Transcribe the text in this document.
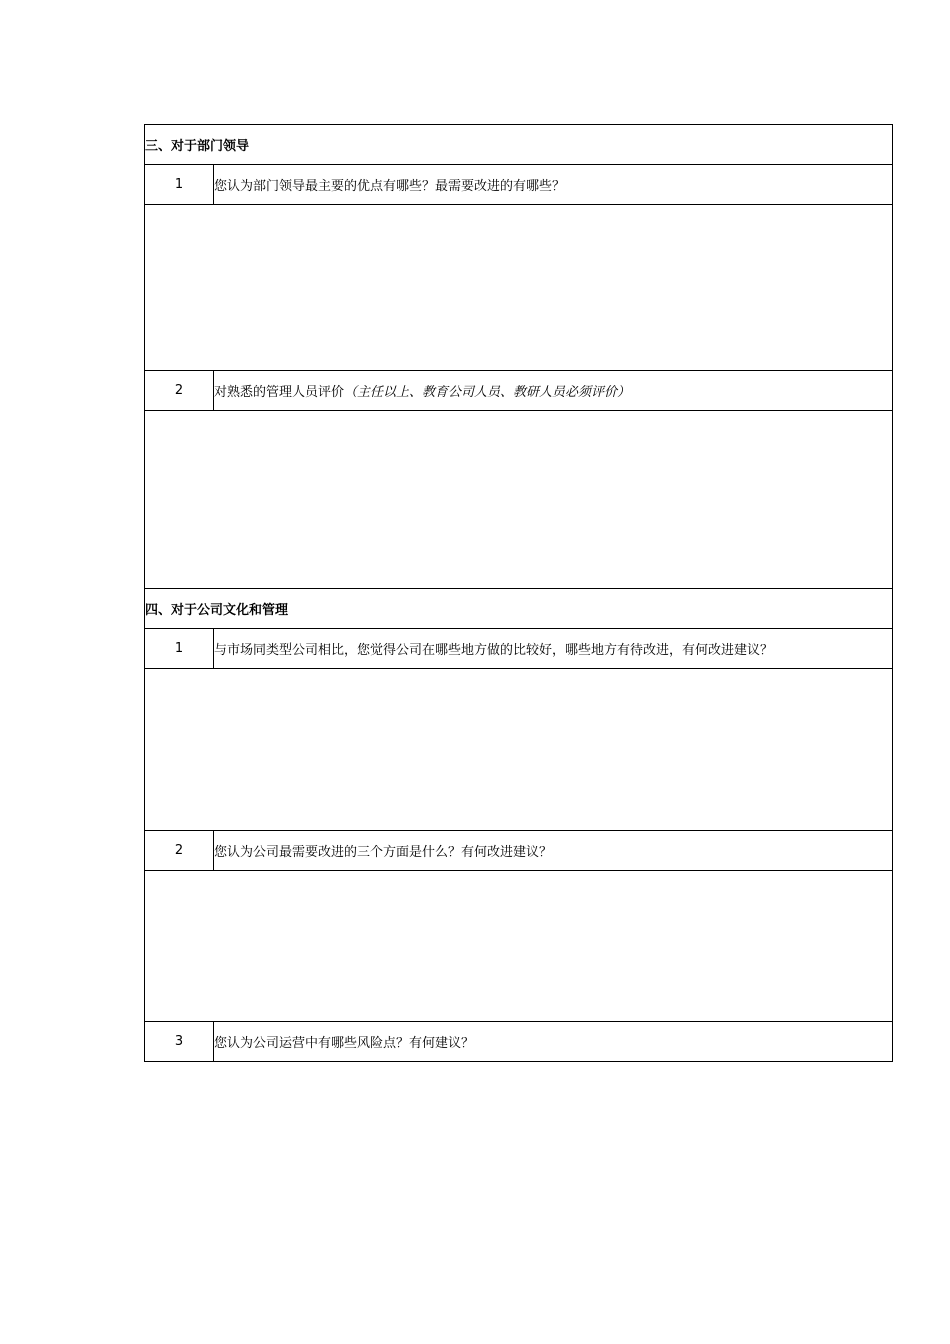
三、对于部门领导	
1	您认为部门领导最主要的优点有哪些？最需要改进的有哪些？

2	对熟悉的管理人员评价（主任以上、教育公司人员、教研人员必须评价）

四、对于公司文化和管理	
1	与市场同类型公司相比，您觉得公司在哪些地方做的比较好，哪些地方有待改进，有何改进建议？

2	您认为公司最需要改进的三个方面是什么？有何改进建议？

3	您认为公司运营中有哪些风险点？有何建议？
